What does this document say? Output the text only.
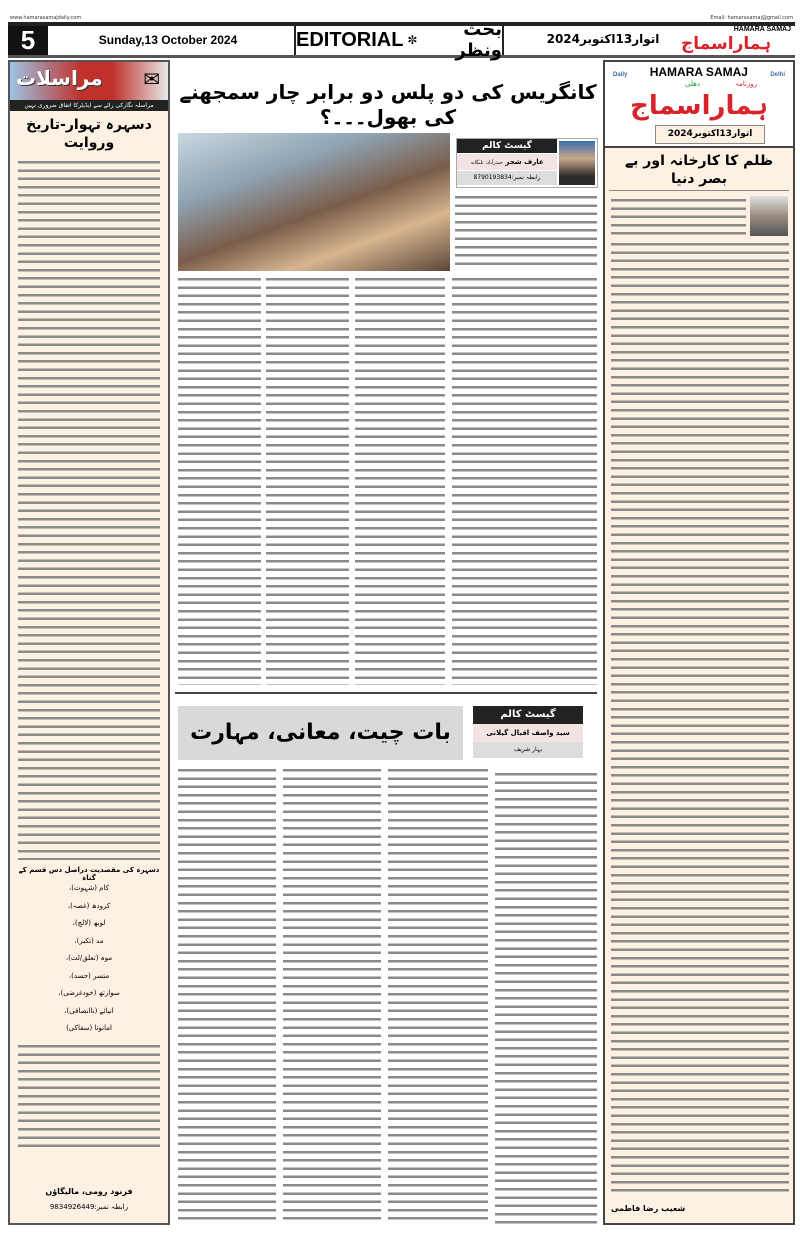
www.hamarasamajdaily.com	Email: hamarasamaj@gmail.com
5	Sunday,13 October 2024	EDITORIAL ✼	بحث ونظر
اتوار13اکتوبر2024
HAMARA SAMAJ
ہماراسماج
مراسلات ✉
مراسلہ نگارکی رائے سے ایڈیٹرکا اتفاق ضروری نہیں
دسہرہ تہوار-تاریخ وروایت
دسہرہ کی مقصدیت دراصل دس قسم کے گناہ
کام (شہوت)،
کرودھ (غصہ)،
لوبھ (لالچ)،
مد (تکبر)،
موہ (تعلق/لت)،
متسر (حسد)،
سوارتھ (خودغرضی)،
انیائے (ناانصافی)،
امانوتا (سفاکی)
فرنود رومی، مالیگاؤں
رابطہ نمبر:9834926449
کانگریس کی دو پلس دو برابر چار سمجھنے کی بھول۔۔۔؟
گیسٹ کالم
عارف شجر حیدرآباد، تلنگانہ
رابطہ نمبر:8790193834
بات چیت، معانی، مہارت
گیسٹ کالم
سید واصف اقبال گیلانی
بہار شریف
Daily HAMARA SAMAJ	Delhi
روزنامہ
دھلی
ہماراسماج
اتوار13اکتوبر2024
ظلم کا کارخانہ اور بے بصر دنیا
شعیب رضا فاطمی
